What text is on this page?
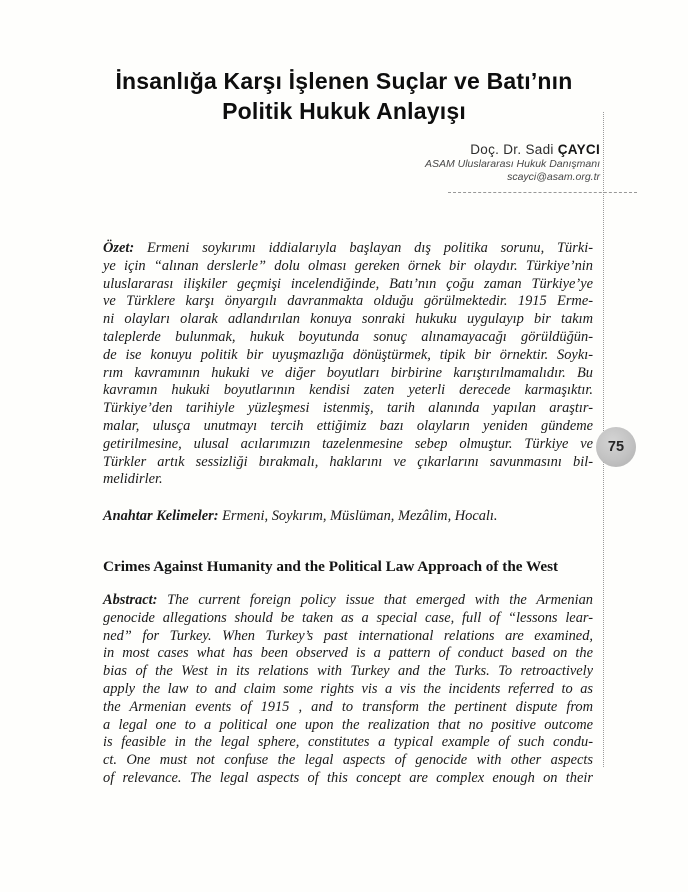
İnsanlığa Karşı İşlenen Suçlar ve Batı’nın
Politik Hukuk Anlayışı
Doç. Dr. Sadi ÇAYCI
ASAM Uluslararası Hukuk Danışmanı
scayci@asam.org.tr
75
Özet: Ermeni soykırımı iddialarıyla başlayan dış politika sorunu, Türki-
ye için “alınan derslerle” dolu olması gereken örnek bir olaydır. Türkiye’nin
uluslararası ilişkiler geçmişi incelendiğinde, Batı’nın çoğu zaman Türkiye’ye
ve Türklere karşı önyargılı davranmakta olduğu görülmektedir. 1915 Erme-
ni olayları olarak adlandırılan konuya sonraki hukuku uygulayıp bir takım
taleplerde bulunmak, hukuk boyutunda sonuç alınamayacağı görüldüğün-
de ise konuyu politik bir uyuşmazlığa dönüştürmek, tipik bir örnektir. Soykı-
rım kavramının hukuki ve diğer boyutları birbirine karıştırılmamalıdır. Bu
kavramın hukuki boyutlarının kendisi zaten yeterli derecede karmaşıktır.
Türkiye’den tarihiyle yüzleşmesi istenmiş, tarih alanında yapılan araştır-
malar, ulusça unutmayı tercih ettiğimiz bazı olayların yeniden gündeme
getirilmesine, ulusal acılarımızın tazelenmesine sebep olmuştur. Türkiye ve
Türkler artık sessizliği bırakmalı, haklarını ve çıkarlarını savunmasını bil-
melidirler.
Anahtar Kelimeler: Ermeni, Soykırım, Müslüman, Mezâlim, Hocalı.
Crimes Against Humanity and the Political Law Approach of the West
Abstract: The current foreign policy issue that emerged with the Armenian
genocide allegations should be taken as a special case, full of “lessons lear-
ned” for Turkey. When Turkey’s past international relations are examined,
in most cases what has been observed is a pattern of conduct based on the
bias of the West in its relations with Turkey and the Turks. To retroactively
apply the law to and claim some rights vis a vis the incidents referred to as
the Armenian events of 1915 , and to transform the pertinent dispute from
a legal one to a political one upon the realization that no positive outcome
is feasible in the legal sphere, constitutes a typical example of such condu-
ct. One must not confuse the legal aspects of genocide with other aspects
of relevance. The legal aspects of this concept are complex enough on their
